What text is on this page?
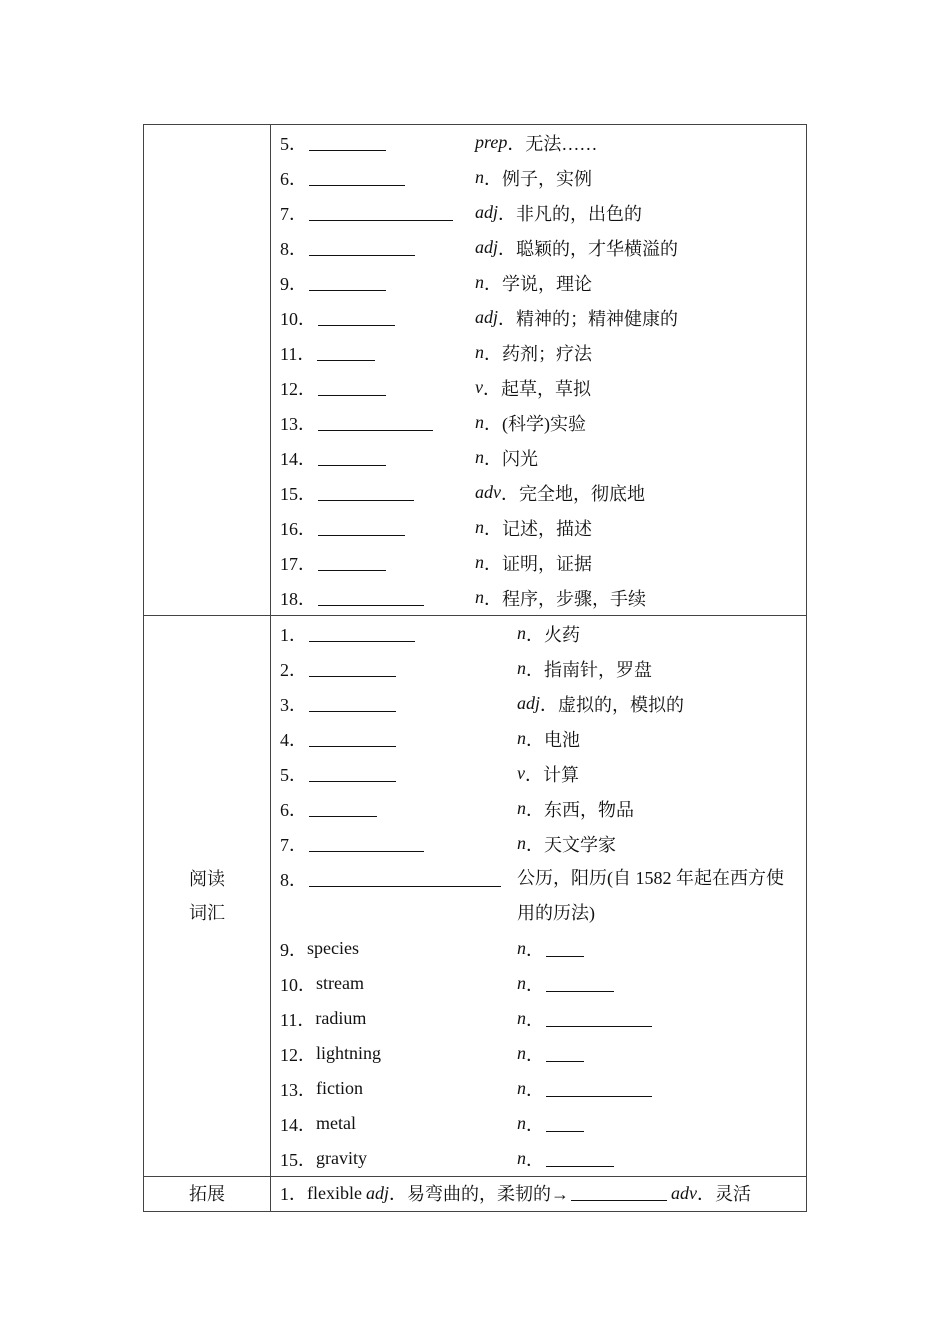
5．	prep ．无法……
6．	n ．例子，实例
7．	adj ．非凡的，出色的
8．	adj ．聪颖的，才华横溢的
9．	n ．学说，理论
10．	adj ．精神的；精神健康的
11．	n ．药剂；疗法
12．	v ．起草，草拟
13．	n ．(科学)实验
14．	n ．闪光
15．	adv ．完全地，彻底地
16．	n ．记述，描述
17．	n ．证明，证据
18．	n ．程序，步骤，手续
阅读
词汇
1．	n ．火药
2．	n ．指南针，罗盘
3．	adj ．虚拟的，模拟的
4．	n ．电池
5．	v ．计算
6．	n ．东西，物品
7．	n ．天文学家
8．	公历，阳历(自 1582 年起在西方使用的历法)
9． species	n ．
10． stream	n ．
11． radium	n ．
12． lightning	n ．
13． fiction	n ．
14． metal	n ．
15． gravity	n ．
拓展	1． flexible adj ．易弯曲的，柔韧的→	adv ．灵活
